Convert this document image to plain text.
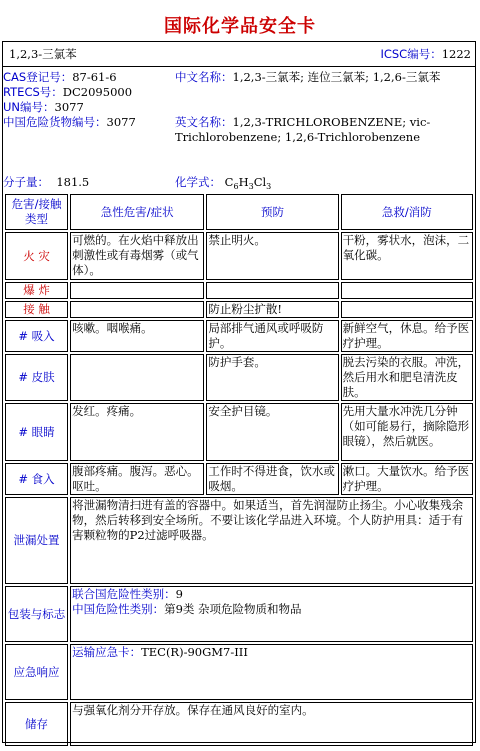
国际化学品安全卡
1,2,3-三氯苯	ICSC编号：1222
CAS登记号：87-61-6
RTECS号：DC2095000
UN编号：3077
中国危险货物编号：3077
中文名称：1,2,3-三氯苯; 连位三氯苯; 1,2,6-三氯苯
英文名称：1,2,3-TRICHLOROBENZENE; vic-Trichlorobenzene; 1,2,6-Trichlorobenzene
分子量： 181.5	化学式： $C_6H_3Cl_3$
危害/接触类型	急性危害/症状	预防	急救/消防
火 灾	可燃的。在火焰中释放出刺激性或有毒烟雾（或气体）。	禁止明火。	干粉，雾状水，泡沫，二氧化碳。
爆 炸			
接 触		防止粉尘扩散!	
# 吸入	咳嗽。咽喉痛。	局部排气通风或呼吸防护。	新鲜空气，休息。给予医疗护理。
# 皮肤		防护手套。	脱去污染的衣服。冲洗，然后用水和肥皂清洗皮肤。
# 眼睛	发红。疼痛。	安全护目镜。	先用大量水冲洗几分钟（如可能易行，摘除隐形眼镜），然后就医。
# 食入	腹部疼痛。腹泻。恶心。呕吐。	工作时不得进食，饮水或吸烟。	漱口。大量饮水。给予医疗护理。
泄漏处置	将泄漏物清扫进有盖的容器中。如果适当，首先润湿防止扬尘。小心收集残余物，然后转移到安全场所。不要让该化学品进入环境。个人防护用具：适于有害颗粒物的P2过滤呼吸器。		
包装与标志	联合国危险性类别：9
中国危险性类别：第9类 杂项危险物质和物品		

应急响应	运输应急卡：TEC(R)-90GM7-III		
储存	与强氧化剂分开存放。保存在通风良好的室内。		
